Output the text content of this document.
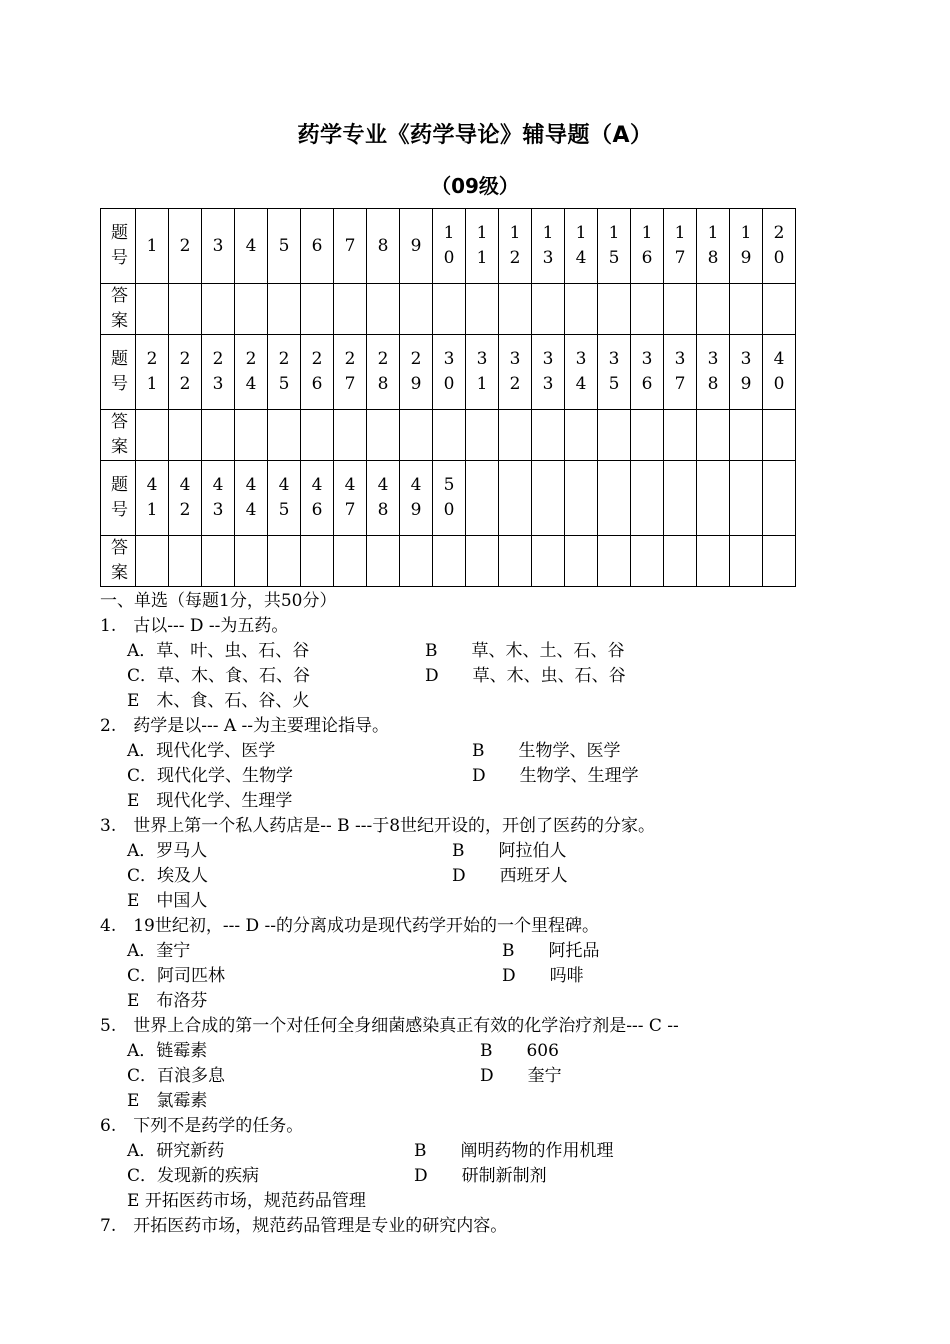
药学专业《药学导论》辅导题（A）
（09级）
题号	1	2	3	4	5	6	7	8	9	10	11	12	13	14	15	16	17	18	19	20
答案																				
题号	21	22	23	24	25	26	27	28	29	30	31	32	33	34	35	36	37	38	39	40
答案																				
题号	41	42	43	44	45	46	47	48	49	50										
答案																				
一、单选（每题1分，共50分）
1.　古以--- D --为五药。
A．草、叶、虫、石、谷	B　　草、木、土、石、谷
C．草、木、食、石、谷	D　　草、木、虫、石、谷
E　木、食、石、谷、火
2.　药学是以--- A --为主要理论指导。
A．现代化学、医学	B　　生物学、医学
C．现代化学、生物学	D　　生物学、生理学
E　现代化学、生理学
3.　世界上第一个私人药店是-- B ---于8世纪开设的，开创了医药的分家。
A．罗马人	B　　阿拉伯人
C．埃及人	D　　西班牙人
E　中国人
4.　19世纪初，--- D --的分离成功是现代药学开始的一个里程碑。
A．奎宁	B　　阿托品
C．阿司匹林	D　　吗啡
E　布洛芬
5.　世界上合成的第一个对任何全身细菌感染真正有效的化学治疗剂是--- C --
A．链霉素	B　　606
C．百浪多息	D　　奎宁
E　氯霉素
6.　下列不是药学的任务。
A．研究新药	B　　阐明药物的作用机理
C．发现新的疾病	D　　研制新制剂
E 开拓医药市场，规范药品管理
7.　开拓医药市场，规范药品管理是专业的研究内容。
